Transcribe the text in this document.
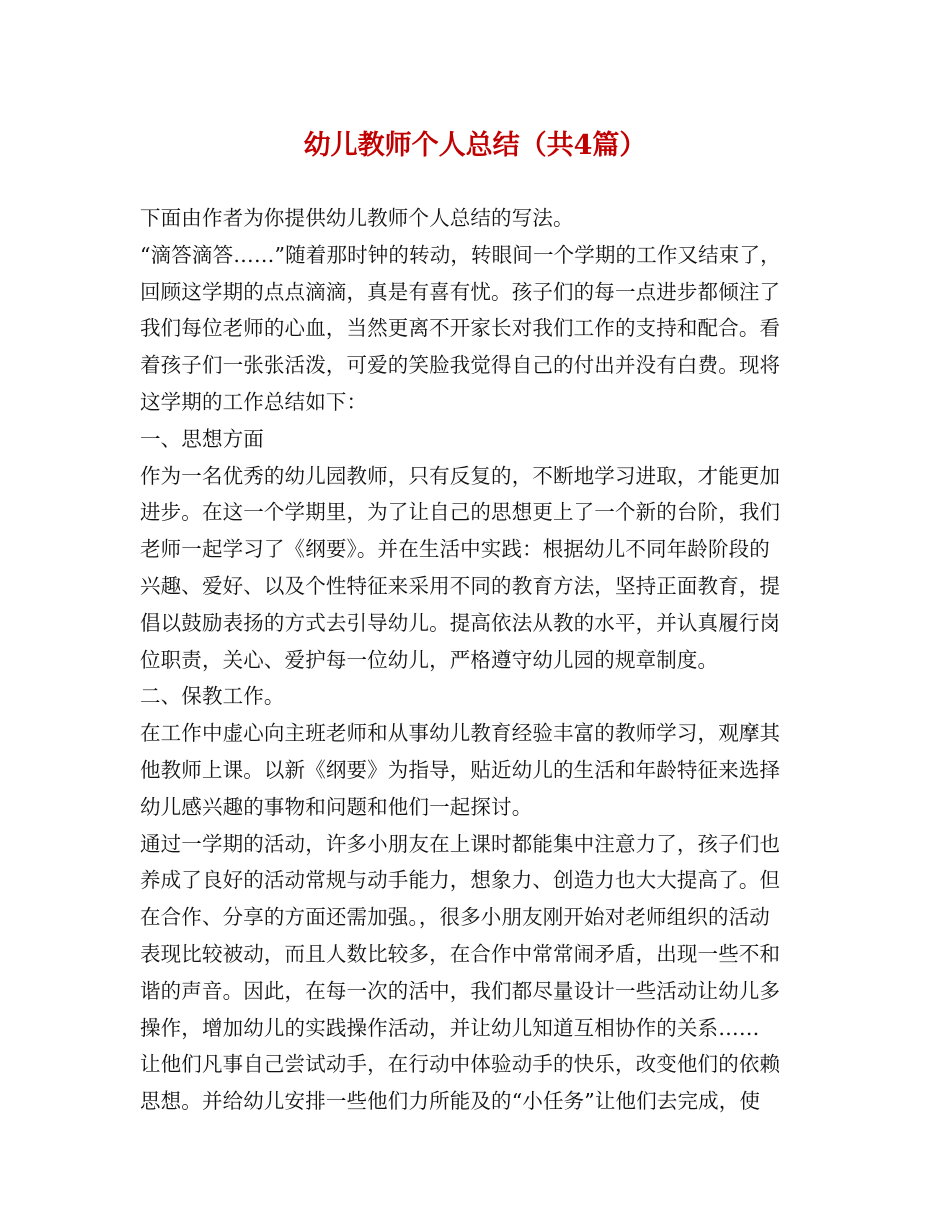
幼儿教师个人总结（共4篇）

下面由作者为你提供幼儿教师个人总结的写法。

“滴答滴答……”随着那时钟的转动，转眼间一个学期的工作又结束了，

回顾这学期的点点滴滴，真是有喜有忧。孩子们的每一点进步都倾注了

我们每位老师的心血，当然更离不开家长对我们工作的支持和配合。看

着孩子们一张张活泼，可爱的笑脸我觉得自己的付出并没有白费。现将

这学期的工作总结如下：

一、思想方面

作为一名优秀的幼儿园教师，只有反复的，不断地学习进取，才能更加

进步。在这一个学期里，为了让自己的思想更上了一个新的台阶，我们

老师一起学习了《纲要》。并在生活中实践：根据幼儿不同年龄阶段的

兴趣、爱好、以及个性特征来采用不同的教育方法，坚持正面教育，提

倡以鼓励表扬的方式去引导幼儿。提高依法从教的水平，并认真履行岗

位职责，关心、爱护每一位幼儿，严格遵守幼儿园的规章制度。

二、保教工作。

在工作中虚心向主班老师和从事幼儿教育经验丰富的教师学习，观摩其

他教师上课。以新《纲要》为指导，贴近幼儿的生活和年龄特征来选择

幼儿感兴趣的事物和问题和他们一起探讨。

通过一学期的活动，许多小朋友在上课时都能集中注意力了，孩子们也

养成了良好的活动常规与动手能力，想象力、创造力也大大提高了。但

在合作、分享的方面还需加强。，很多小朋友刚开始对老师组织的活动

表现比较被动，而且人数比较多，在合作中常常闹矛盾，出现一些不和

谐的声音。因此，在每一次的活中，我们都尽量设计一些活动让幼儿多

操作，增加幼儿的实践操作活动，并让幼儿知道互相协作的关系……

让他们凡事自己尝试动手，在行动中体验动手的快乐，改变他们的依赖

思想。并给幼儿安排一些他们力所能及的“小任务”让他们去完成，使
